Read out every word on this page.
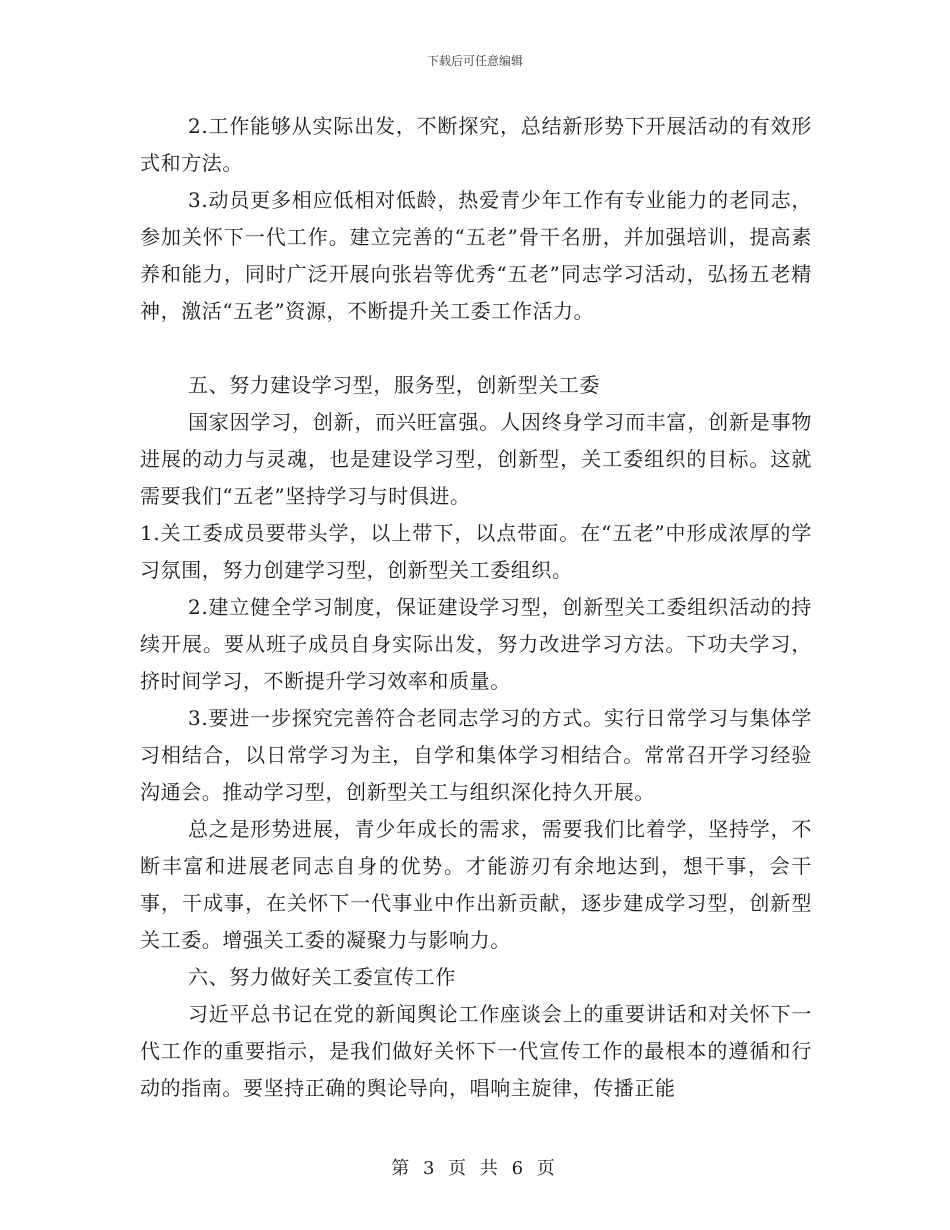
下载后可任意编辑

2.工作能够从实际出发，不断探究，总结新形势下开展活动的有效形式和方法。

3.动员更多相应低相对低龄，热爱青少年工作有专业能力的老同志，参加关怀下一代工作。建立完善的“五老”骨干名册，并加强培训，提高素养和能力，同时广泛开展向张岩等优秀“五老”同志学习活动，弘扬五老精神，激活“五老”资源，不断提升关工委工作活力。

五、努力建设学习型，服务型，创新型关工委

国家因学习，创新，而兴旺富强。人因终身学习而丰富，创新是事物进展的动力与灵魂，也是建设学习型，创新型，关工委组织的目标。这就需要我们“五老”坚持学习与时俱进。

1.关工委成员要带头学，以上带下，以点带面。在“五老”中形成浓厚的学习氛围，努力创建学习型，创新型关工委组织。

2.建立健全学习制度，保证建设学习型，创新型关工委组织活动的持续开展。要从班子成员自身实际出发，努力改进学习方法。下功夫学习，挤时间学习，不断提升学习效率和质量。

3.要进一步探究完善符合老同志学习的方式。实行日常学习与集体学习相结合，以日常学习为主，自学和集体学习相结合。常常召开学习经验沟通会。推动学习型，创新型关工与组织深化持久开展。

总之是形势进展，青少年成长的需求，需要我们比着学，坚持学，不断丰富和进展老同志自身的优势。才能游刃有余地达到，想干事，会干事，干成事，在关怀下一代事业中作出新贡献，逐步建成学习型，创新型关工委。增强关工委的凝聚力与影响力。

六、努力做好关工委宣传工作

习近平总书记在党的新闻舆论工作座谈会上的重要讲话和对关怀下一代工作的重要指示，是我们做好关怀下一代宣传工作的最根本的遵循和行动的指南。要坚持正确的舆论导向，唱响主旋律，传播正能

第 3 页 共 6 页
